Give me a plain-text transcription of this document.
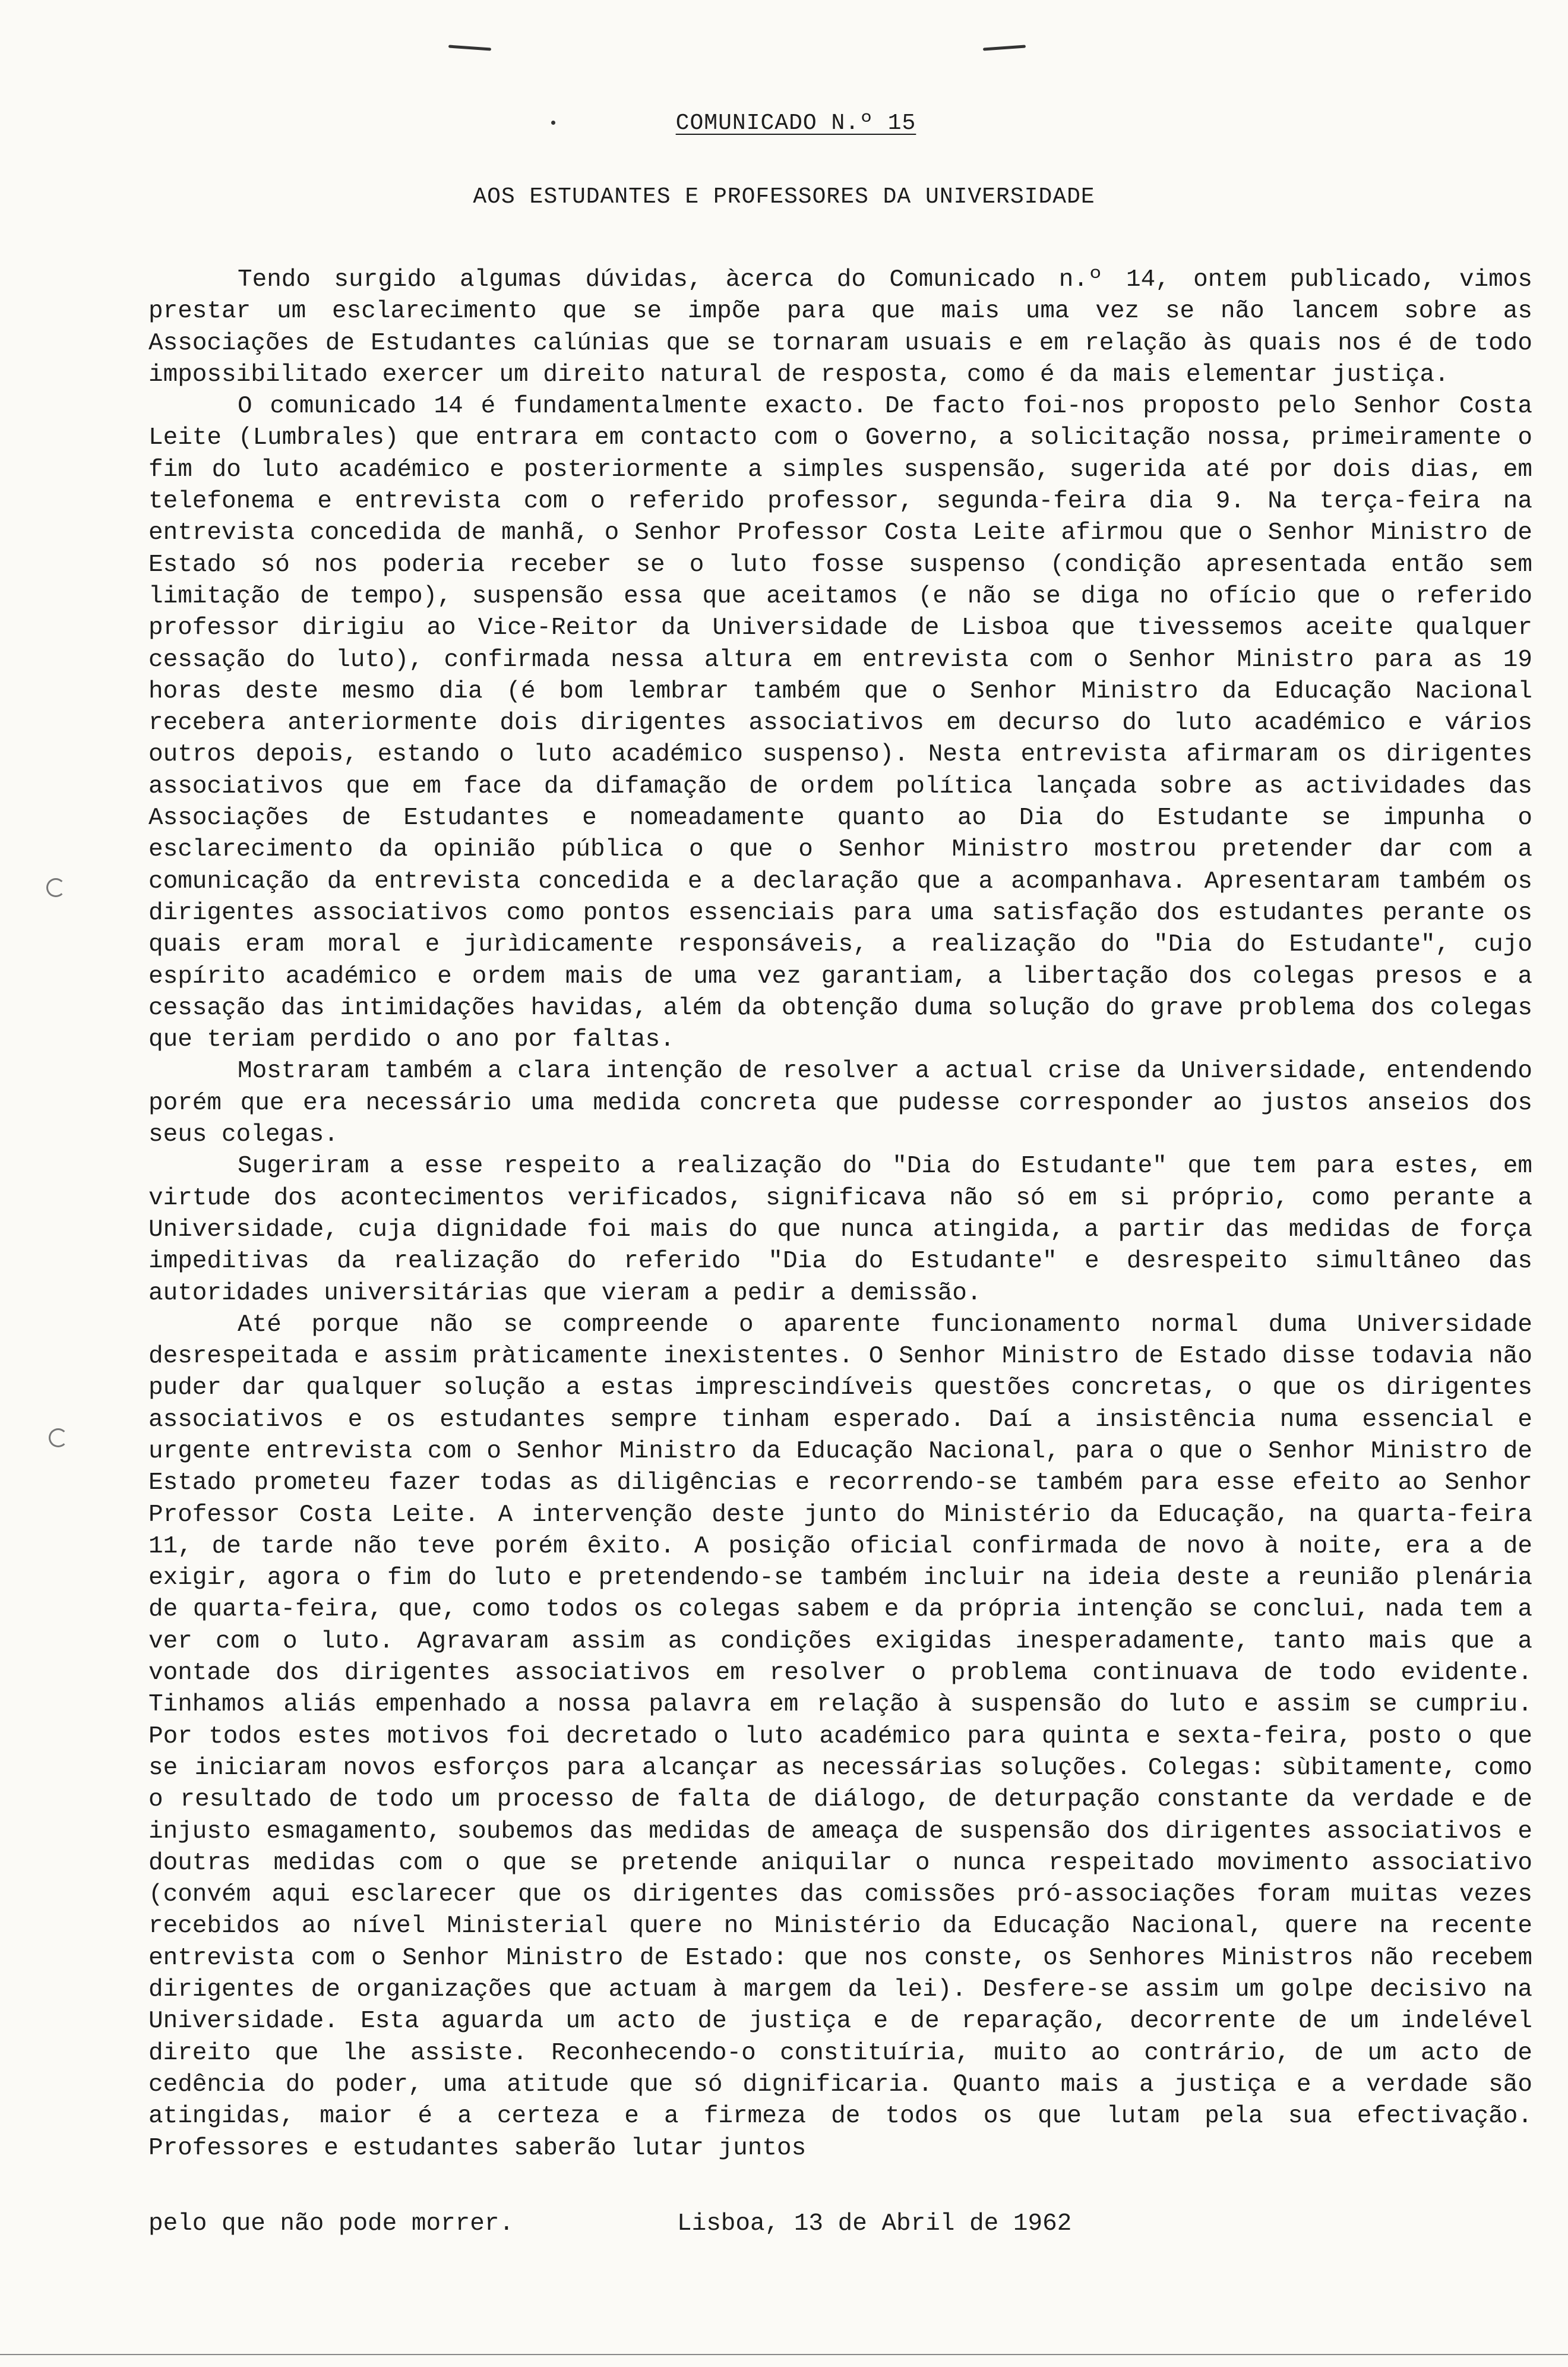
COMUNICADO N.º 15
AOS ESTUDANTES E PROFESSORES DA UNIVERSIDADE

Tendo surgido algumas dúvidas, àcerca do Comunicado n.º 14, ontem publicado, vimos prestar um esclarecimento que se impõe para que mais uma vez se não lancem sobre as Associações de Estudantes calúnias que se tornaram usuais e em relação às quais nos é de todo impossibilitado exercer um direito natural de resposta, como é da mais elementar justiça.

O comunicado 14 é fundamentalmente exacto. De facto foi-nos proposto pelo Senhor Costa Leite (Lumbrales) que entrara em contacto com o Governo, a solicitação nossa, primeiramente o fim do luto académico e posteriormente a simples suspensão, sugerida até por dois dias, em telefonema e entrevista com o referido professor, segunda-feira dia 9. Na terça-feira na entrevista concedida de manhã, o Senhor Professor Costa Leite afirmou que o Senhor Ministro de Estado só nos poderia receber se o luto fosse suspenso (condição apresentada então sem limitação de tempo), suspensão essa que aceitamos (e não se diga no ofício que o referido professor dirigiu ao Vice-Reitor da Universidade de Lisboa que tivessemos aceite qualquer cessação do luto), confirmada nessa altura em entrevista com o Senhor Ministro para as 19 horas deste mesmo dia (é bom lembrar também que o Senhor Ministro da Educação Nacional recebera anteriormente dois dirigentes associativos em decurso do luto académico e vários outros depois, estando o luto académico suspenso). Nesta entrevista afirmaram os dirigentes associativos que em face da difamação de ordem política lançada sobre as actividades das Associações de Estudantes e nomeadamente quanto ao Dia do Estudante se impunha o esclarecimento da opinião pública o que o Senhor Ministro mostrou pretender dar com a comunicação da entrevista concedida e a declaração que a acompanhava. Apresentaram também os dirigentes associativos como pontos essenciais para uma satisfação dos estudantes perante os quais eram moral e jurìdicamente responsáveis, a realização do "Dia do Estudante", cujo espírito académico e ordem mais de uma vez garantiam, a libertação dos colegas presos e a cessação das intimidações havidas, além da obtenção duma solução do grave problema dos colegas que teriam perdido o ano por faltas.

Mostraram também a clara intenção de resolver a actual crise da Universidade, entendendo porém que era necessário uma medida concreta que pudesse corresponder ao justos anseios dos seus colegas.

Sugeriram a esse respeito a realização do "Dia do Estudante" que tem para estes, em virtude dos acontecimentos verificados, significava não só em si próprio, como perante a Universidade, cuja dignidade foi mais do que nunca atingida, a partir das medidas de força impeditivas da realização do referido "Dia do Estudante" e desrespeito simultâneo das autoridades universitárias que vieram a pedir a demissão.

Até porque não se compreende o aparente funcionamento normal duma Universidade desrespeitada e assim pràticamente inexistentes. O Senhor Ministro de Estado disse todavia não puder dar qualquer solução a estas imprescindíveis questões concretas, o que os dirigentes associativos e os estudantes sempre tinham esperado. Daí a insistência numa essencial e urgente entrevista com o Senhor Ministro da Educação Nacional, para o que o Senhor Ministro de Estado prometeu fazer todas as diligências e recorrendo-se também para esse efeito ao Senhor Professor Costa Leite. A intervenção deste junto do Ministério da Educação, na quarta-feira 11, de tarde não teve porém êxito. A posição oficial confirmada de novo à noite, era a de exigir, agora o fim do luto e pretendendo-se também incluir na ideia deste a reunião plenária de quarta-feira, que, como todos os colegas sabem e da própria intenção se conclui, nada tem a ver com o luto. Agravaram assim as condições exigidas inesperadamente, tanto mais que a vontade dos dirigentes associativos em resolver o problema continuava de todo evidente. Tinhamos aliás empenhado a nossa palavra em relação à suspensão do luto e assim se cumpriu. Por todos estes motivos foi decretado o luto académico para quinta e sexta-feira, posto o que se iniciaram novos esforços para alcançar as necessárias soluções. Colegas: sùbitamente, como o resultado de todo um processo de falta de diálogo, de deturpação constante da verdade e de injusto esmagamento, soubemos das medidas de ameaça de suspensão dos dirigentes associativos e doutras medidas com o que se pretende aniquilar o nunca respeitado movimento associativo (convém aqui esclarecer que os dirigentes das comissões pró-associações foram muitas vezes recebidos ao nível Ministerial quere no Ministério da Educação Nacional, quere na recente entrevista com o Senhor Ministro de Estado: que nos conste, os Senhores Ministros não recebem dirigentes de organizações que actuam à margem da lei). Desfere-se assim um golpe decisivo na Universidade. Esta aguarda um acto de justiça e de reparação, decorrente de um indelével direito que lhe assiste. Reconhecendo-o constituíria, muito ao contrário, de um acto de cedência do poder, uma atitude que só dignificaria. Quanto mais a justiça e a verdade são atingidas, maior é a certeza e a firmeza de todos os que lutam pela sua efectivação. Professores e estudantes saberão lutar juntos

pelo que não pode morrer.	Lisboa, 13 de Abril de 1962
